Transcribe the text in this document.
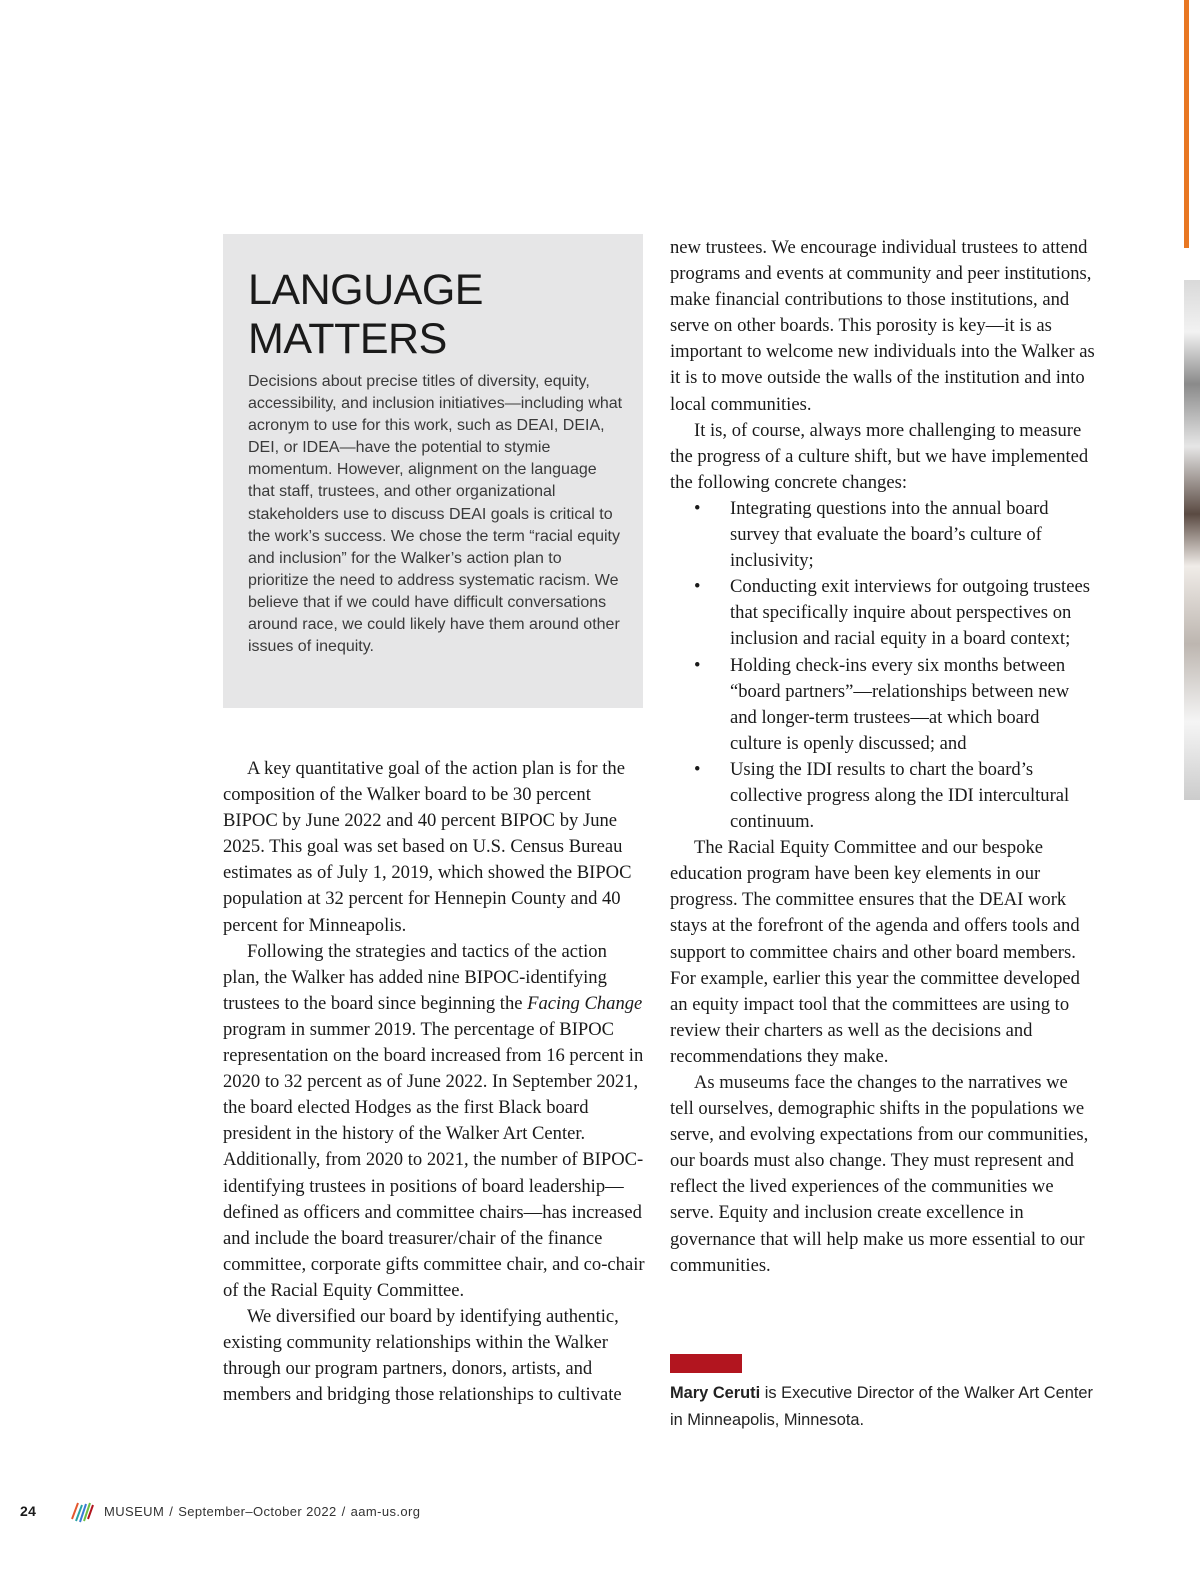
LANGUAGE
MATTERS

Decisions about precise titles of diversity, equity, accessibility, and inclusion initiatives—including what acronym to use for this work, such as DEAI, DEIA, DEI, or IDEA—have the potential to stymie momentum. However, alignment on the language that staff, trustees, and other organizational stakeholders use to discuss DEAI goals is critical to the work’s success. We chose the term “racial equity and inclusion” for the Walker’s action plan to prioritize the need to address systematic racism. We believe that if we could have difficult conversations around race, we could likely have them around other issues of inequity.

A key quantitative goal of the action plan is for the composition of the Walker board to be 30 percent BIPOC by June 2022 and 40 percent BIPOC by June 2025. This goal was set based on U.S. Census Bureau estimates as of July 1, 2019, which showed the BIPOC population at 32 percent for Hennepin County and 40 percent for Minneapolis.

Following the strategies and tactics of the action plan, the Walker has added nine BIPOC-identifying trustees to the board since beginning the Facing Change program in summer 2019. The percentage of BIPOC representation on the board increased from 16 percent in 2020 to 32 percent as of June 2022. In September 2021, the board elected Hodges as the first Black board president in the history of the Walker Art Center. Additionally, from 2020 to 2021, the number of BIPOC-identifying trustees in positions of board leadership—defined as officers and committee chairs—has increased and include the board treasurer/chair of the finance committee, corporate gifts committee chair, and co-chair of the Racial Equity Committee.

We diversified our board by identifying authentic, existing community relationships within the Walker through our program partners, donors, artists, and members and bridging those relationships to cultivate

new trustees. We encourage individual trustees to attend programs and events at community and peer institutions, make financial contributions to those institutions, and serve on other boards. This porosity is key—it is as important to welcome new individuals into the Walker as it is to move outside the walls of the institution and into local communities.

It is, of course, always more challenging to measure the progress of a culture shift, but we have implemented the following concrete changes:

• Integrating questions into the annual board survey that evaluate the board’s culture of inclusivity;
• Conducting exit interviews for outgoing trustees that specifically inquire about perspectives on inclusion and racial equity in a board context;
• Holding check-ins every six months between “board partners”—relationships between new and longer-term trustees—at which board culture is openly discussed; and
• Using the IDI results to chart the board’s collective progress along the IDI intercultural continuum.

The Racial Equity Committee and our bespoke education program have been key elements in our progress. The committee ensures that the DEAI work stays at the forefront of the agenda and offers tools and support to committee chairs and other board members. For example, earlier this year the committee developed an equity impact tool that the committees are using to review their charters as well as the decisions and recommendations they make.

As museums face the changes to the narratives we tell ourselves, demographic shifts in the populations we serve, and evolving expectations from our communities, our boards must also change. They must represent and reflect the lived experiences of the communities we serve. Equity and inclusion create excellence in governance that will help make us more essential to our communities.

Mary Ceruti is Executive Director of the Walker Art Center in Minneapolis, Minnesota.

24	MUSEUM / September–October 2022 / aam-us.org
